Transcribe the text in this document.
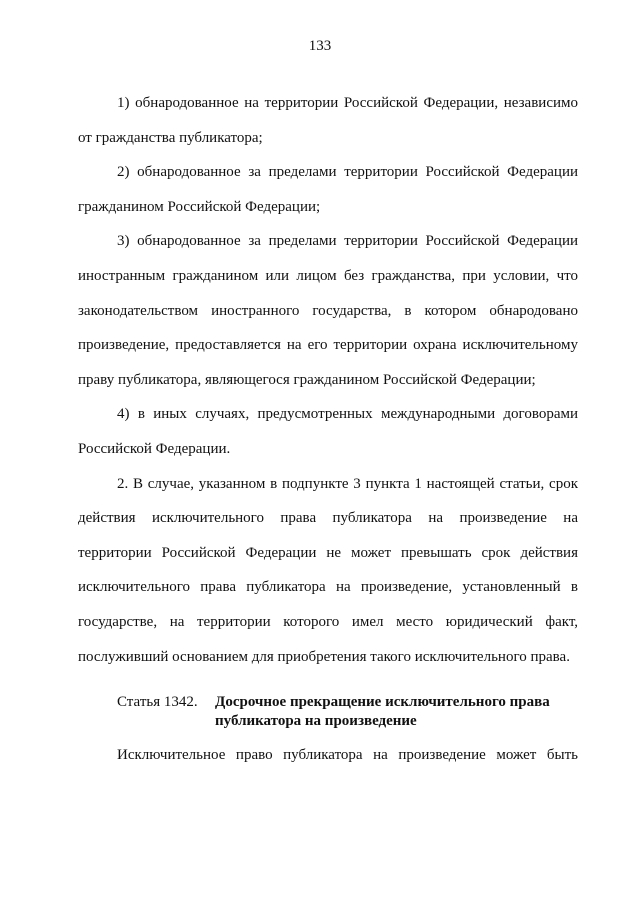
133

1) обнародованное на территории Российской Федерации, независимо от гражданства публикатора;

2) обнародованное за пределами территории Российской Федерации гражданином Российской Федерации;

3) обнародованное за пределами территории Российской Федерации иностранным гражданином или лицом без гражданства, при условии, что законодательством иностранного государства, в котором обнародовано произведение, предоставляется на его территории охрана исключительному праву публикатора, являющегося гражданином Российской Федерации;

4) в иных случаях, предусмотренных международными договорами Российской Федерации.

2. В случае, указанном в подпункте 3 пункта 1 настоящей статьи, срок действия исключительного права публикатора на произведение на территории Российской Федерации не может превышать срок действия исключительного права публикатора на произведение, установленный в государстве, на территории которого имел место юридический факт, послуживший основанием для приобретения такого исключительного права.

Статья 1342.	Досрочное прекращение исключительного права публикатора на произведение
Исключительное право публикатора на произведение может быть
